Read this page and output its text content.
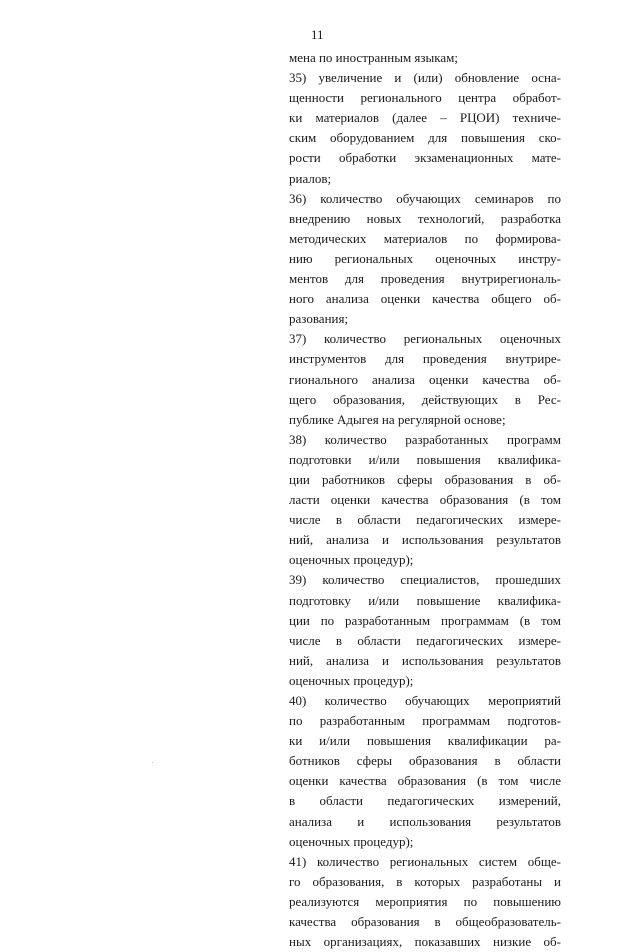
11
мена по иностранным языкам;
35) увеличение и (или) обновление осна-
щенности регионального центра обработ-
ки материалов (далее – РЦОИ) техниче-
ским оборудованием для повышения ско-
рости обработки экзаменационных мате-
риалов;
36) количество обучающих семинаров по
внедрению новых технологий, разработка
методических материалов по формирова-
нию региональных оценочных инстру-
ментов для проведения внутрирегиональ-
ного анализа оценки качества общего об-
разования;
37) количество региональных оценочных
инструментов для проведения внутрире-
гионального анализа оценки качества об-
щего образования, действующих в Рес-
публике Адыгея на регулярной основе;
38) количество разработанных программ
подготовки и/или повышения квалифика-
ции работников сферы образования в об-
ласти оценки качества образования (в том
числе в области педагогических измере-
ний, анализа и использования результатов
оценочных процедур);
39) количество специалистов, прошедших
подготовку и/или повышение квалифика-
ции по разработанным программам (в том
числе в области педагогических измере-
ний, анализа и использования результатов
оценочных процедур);
40) количество обучающих мероприятий
по разработанным программам подготов-
ки и/или повышения квалификации ра-
ботников сферы образования в области
оценки качества образования (в том числе
в области педагогических измерений,
анализа и использования результатов
оценочных процедур);
41) количество региональных систем обще-
го образования, в которых разработаны и
реализуются мероприятия по повышению
качества образования в общеобразователь-
ных организациях, показавших низкие об-
